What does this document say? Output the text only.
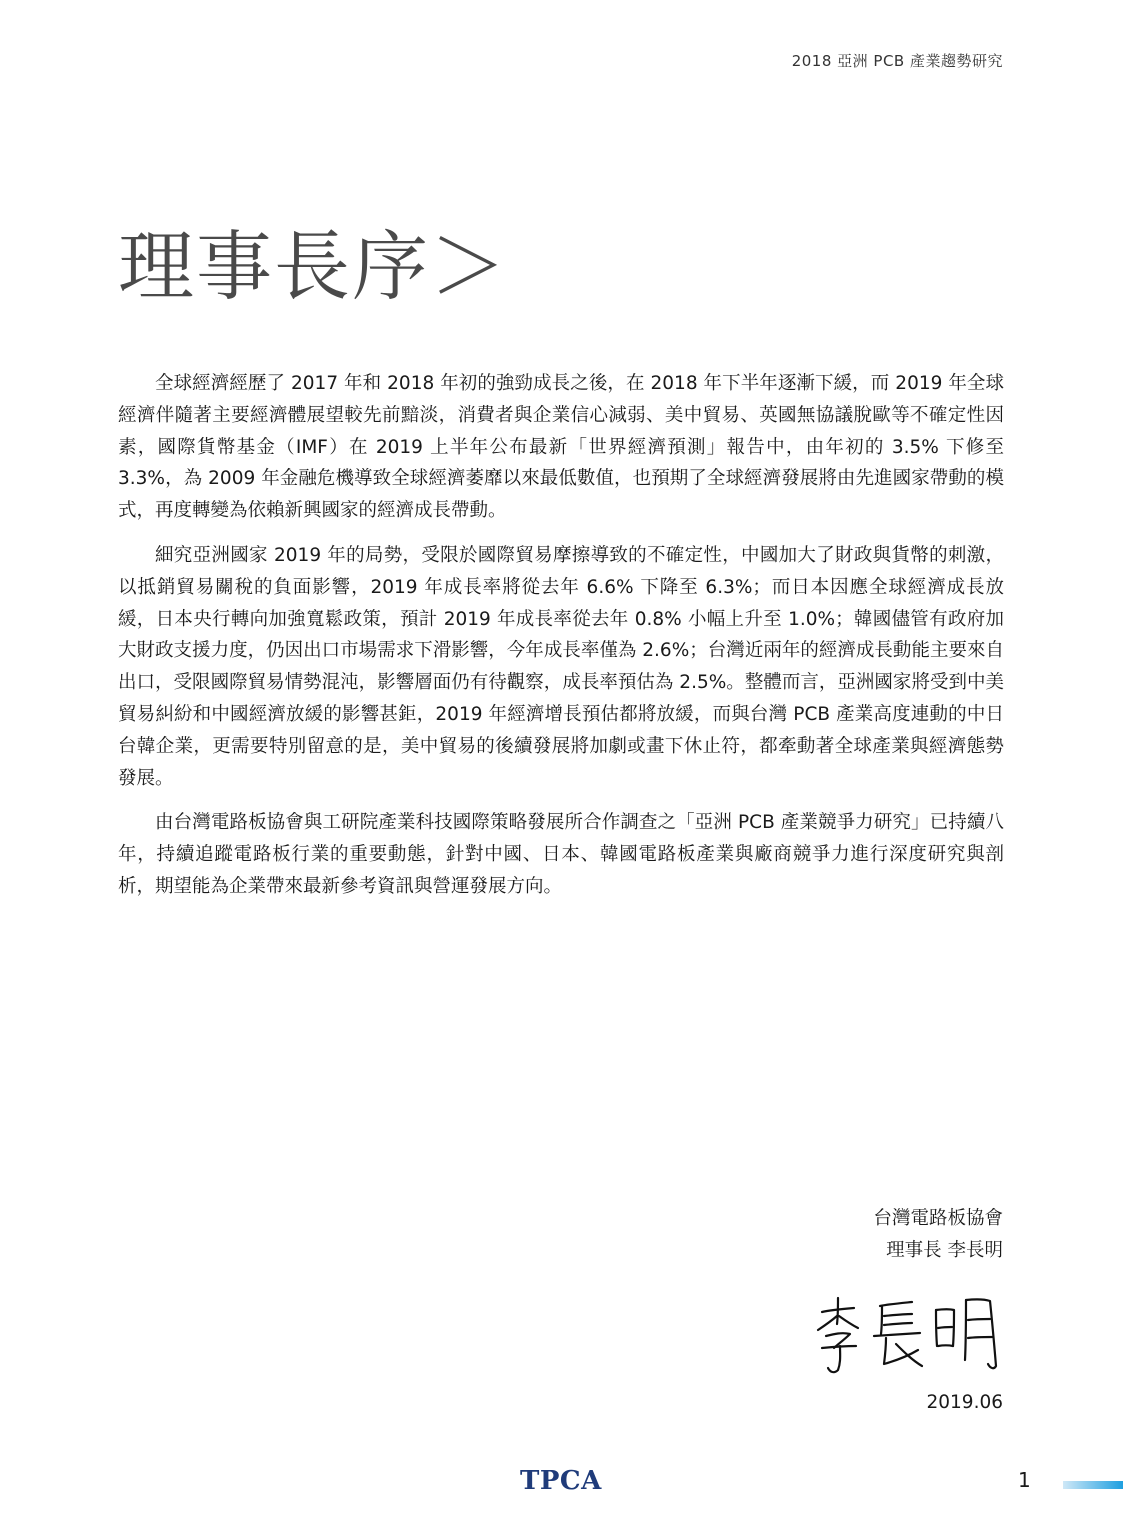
2018 亞洲 PCB 產業趨勢研究
理事長序＞

全球經濟經歷了 2017 年和 2018 年初的強勁成長之後，在 2018 年下半年逐漸下緩，而 2019 年全球經濟伴隨著主要經濟體展望較先前黯淡，消費者與企業信心減弱、美中貿易、英國無協議脫歐等不確定性因素，國際貨幣基金（IMF）在 2019 上半年公布最新「世界經濟預測」報告中，由年初的 3.5% 下修至 3.3%，為 2009 年金融危機導致全球經濟萎靡以來最低數值，也預期了全球經濟發展將由先進國家帶動的模式，再度轉變為依賴新興國家的經濟成長帶動。

細究亞洲國家 2019 年的局勢，受限於國際貿易摩擦導致的不確定性，中國加大了財政與貨幣的刺激，以抵銷貿易關稅的負面影響，2019 年成長率將從去年 6.6% 下降至 6.3%；而日本因應全球經濟成長放緩，日本央行轉向加強寬鬆政策，預計 2019 年成長率從去年 0.8% 小幅上升至 1.0%；韓國儘管有政府加大財政支援力度，仍因出口市場需求下滑影響，今年成長率僅為 2.6%；台灣近兩年的經濟成長動能主要來自出口，受限國際貿易情勢混沌，影響層面仍有待觀察，成長率預估為 2.5%。整體而言，亞洲國家將受到中美貿易糾紛和中國經濟放緩的影響甚鉅，2019 年經濟增長預估都將放緩，而與台灣 PCB 產業高度連動的中日台韓企業，更需要特別留意的是，美中貿易的後續發展將加劇或畫下休止符，都牽動著全球產業與經濟態勢發展。

由台灣電路板協會與工研院產業科技國際策略發展所合作調查之「亞洲 PCB 產業競爭力研究」已持續八年，持續追蹤電路板行業的重要動態，針對中國、日本、韓國電路板產業與廠商競爭力進行深度研究與剖析，期望能為企業帶來最新參考資訊與營運發展方向。

台灣電路板協會
理事長 李長明
2019.06
TPCA	1
